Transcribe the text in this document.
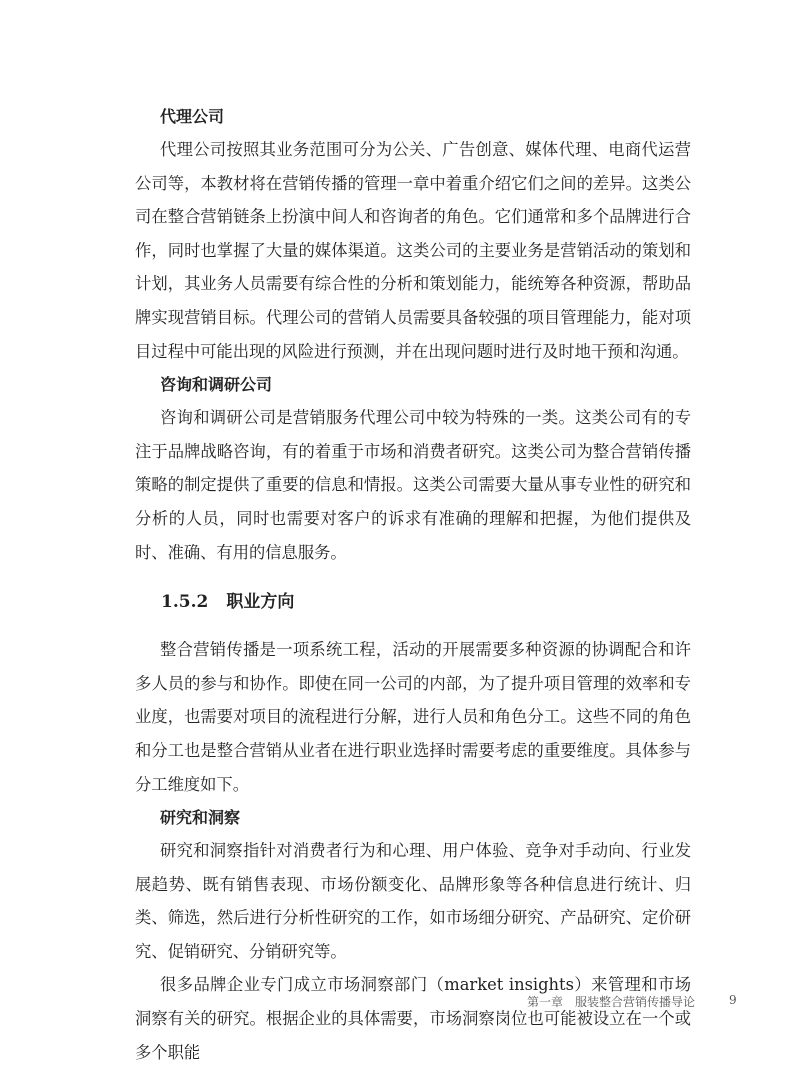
代理公司

代理公司按照其业务范围可分为公关、广告创意、媒体代理、电商代运营公司等，本教材将在营销传播的管理一章中着重介绍它们之间的差异。这类公司在整合营销链条上扮演中间人和咨询者的角色。它们通常和多个品牌进行合作，同时也掌握了大量的媒体渠道。这类公司的主要业务是营销活动的策划和计划，其业务人员需要有综合性的分析和策划能力，能统筹各种资源，帮助品牌实现营销目标。代理公司的营销人员需要具备较强的项目管理能力，能对项目过程中可能出现的风险进行预测，并在出现问题时进行及时地干预和沟通。

咨询和调研公司

咨询和调研公司是营销服务代理公司中较为特殊的一类。这类公司有的专注于品牌战略咨询，有的着重于市场和消费者研究。这类公司为整合营销传播策略的制定提供了重要的信息和情报。这类公司需要大量从事专业性的研究和分析的人员，同时也需要对客户的诉求有准确的理解和把握，为他们提供及时、准确、有用的信息服务。

1.5.2 职业方向

整合营销传播是一项系统工程，活动的开展需要多种资源的协调配合和许多人员的参与和协作。即使在同一公司的内部，为了提升项目管理的效率和专业度，也需要对项目的流程进行分解，进行人员和角色分工。这些不同的角色和分工也是整合营销从业者在进行职业选择时需要考虑的重要维度。具体参与分工维度如下。

研究和洞察

研究和洞察指针对消费者行为和心理、用户体验、竞争对手动向、行业发展趋势、既有销售表现、市场份额变化、品牌形象等各种信息进行统计、归类、筛选，然后进行分析性研究的工作，如市场细分研究、产品研究、定价研究、促销研究、分销研究等。

很多品牌企业专门成立市场洞察部门（market insights）来管理和市场洞察有关的研究。根据企业的具体需要，市场洞察岗位也可能被设立在一个或多个职能

第一章　服装整合营销传播导论	9
